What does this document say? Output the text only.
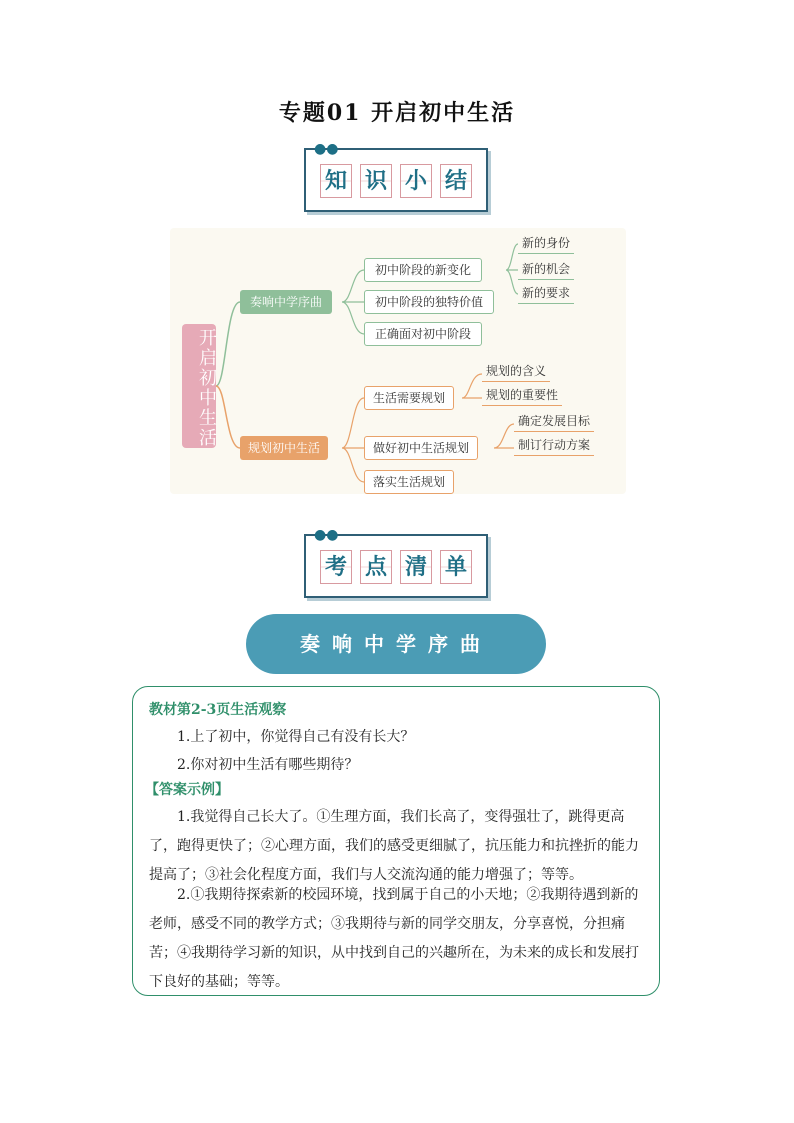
专题01 开启初中生活
●●
知 识 小 结
开启初中生活
奏响中学序曲
初中阶段的新变化
初中阶段的独特价值
正确面对初中阶段
新的身份
新的机会
新的要求
规划初中生活
生活需要规划
做好初中生活规划
落实生活规划
规划的含义
规划的重要性
确定发展目标
制订行动方案
●●
考 点 清 单
奏响中学序曲
教材第2-3页生活观察
1.上了初中，你觉得自己有没有长大？
2.你对初中生活有哪些期待？
【答案示例】
1.我觉得自己长大了。①生理方面，我们长高了，变得强壮了，跳得更高了，跑得更快了；②心理方面，我们的感受更细腻了，抗压能力和抗挫折的能力提高了；③社会化程度方面，我们与人交流沟通的能力增强了；等等。
2.①我期待探索新的校园环境，找到属于自己的小天地；②我期待遇到新的老师，感受不同的教学方式；③我期待与新的同学交朋友，分享喜悦，分担痛苦；④我期待学习新的知识，从中找到自己的兴趣所在，为未来的成长和发展打下良好的基础；等等。
